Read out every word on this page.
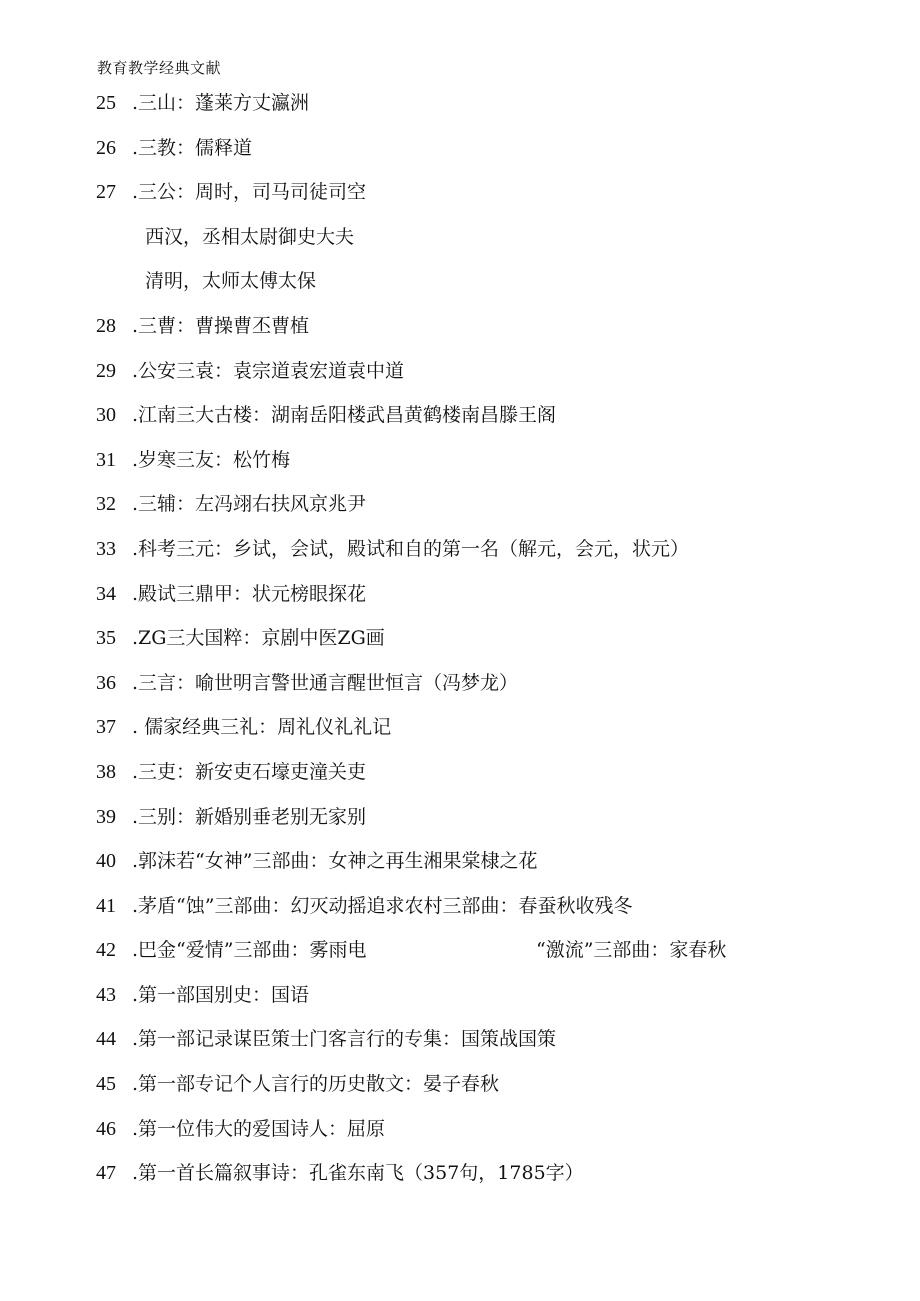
教育教学经典文献
25 .三山：蓬莱方丈瀛洲
26 .三教：儒释道
27 .三公：周时，司马司徒司空
西汉，丞相太尉御史大夫
清明，太师太傅太保
28 .三曹：曹操曹丕曹植
29 .公安三袁：袁宗道袁宏道袁中道
30 .江南三大古楼：湖南岳阳楼武昌黄鹤楼南昌滕王阁
31 .岁寒三友：松竹梅
32 .三辅：左冯翊右扶风京兆尹
33 .科考三元：乡试，会试，殿试和自的第一名（解元，会元，状元）
34 .殿试三鼎甲：状元榜眼探花
35 .ZG三大国粹：京剧中医ZG画
36 .三言：喻世明言警世通言醒世恒言（冯梦龙）
37 . 儒家经典三礼：周礼仪礼礼记
38 .三吏：新安吏石壕吏潼关吏
39 .三别：新婚别垂老别无家别
40 .郭沫若“女神”三部曲：女神之再生湘果棠棣之花
41 .茅盾“蚀”三部曲：幻灭动摇追求农村三部曲：春蚕秋收残冬
42 .巴金“爱情”三部曲：雾雨电	“激流”三部曲：家春秋
43 .第一部国别史：国语
44 .第一部记录谋臣策士门客言行的专集：国策战国策
45 .第一部专记个人言行的历史散文：晏子春秋
46 .第一位伟大的爱国诗人：屈原
47 .第一首长篇叙事诗：孔雀东南飞（357句，1785字）
